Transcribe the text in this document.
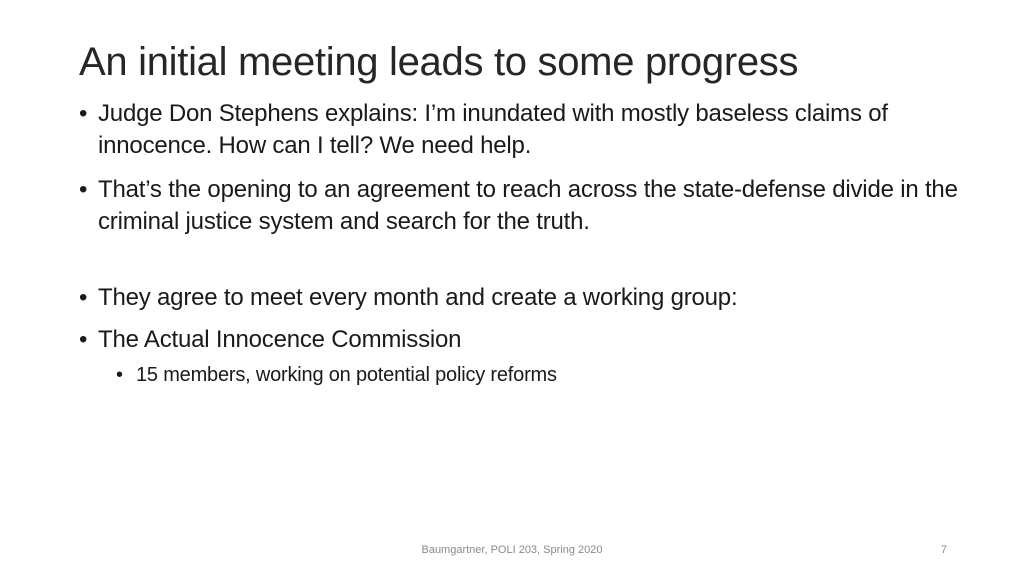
An initial meeting leads to some progress
• Judge Don Stephens explains: I’m inundated with mostly baseless claims of innocence. How can I tell? We need help.
• That’s the opening to an agreement to reach across the state-defense divide in the criminal justice system and search for the truth.
• They agree to meet every month and create a working group:
• The Actual Innocence Commission
• 15 members, working on potential policy reforms
Baumgartner, POLI 203, Spring 2020	7
